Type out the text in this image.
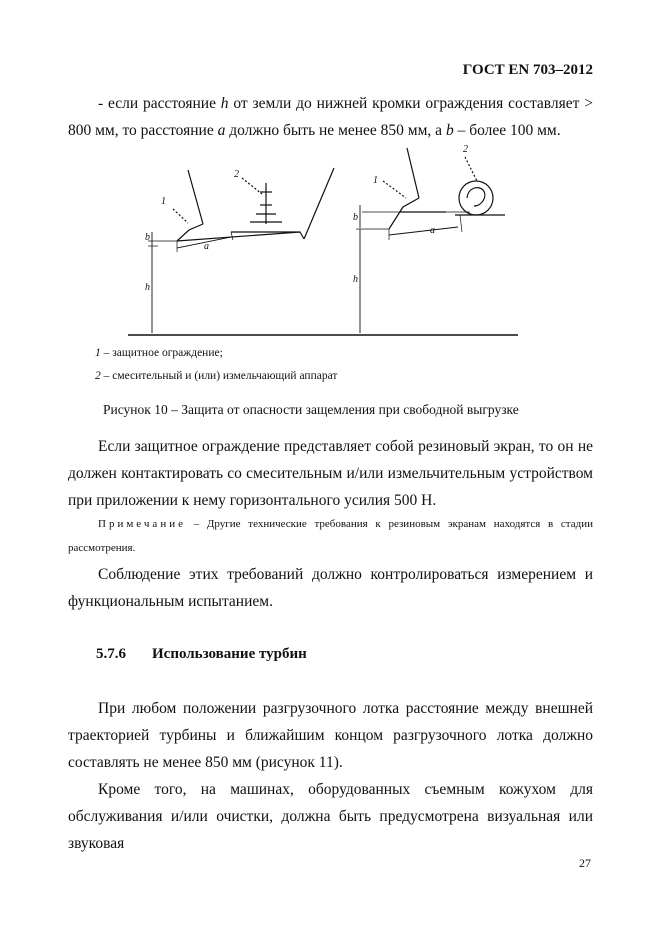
ГОСТ EN 703–2012

- если расстояние h от земли до нижней кромки ограждения составляет > 800 мм, то расстояние a должно быть не менее 850 мм, а b – более 100 мм.

1
2
b
a
h
1
2
b
a
h
1 – защитное ограждение;
2 – смесительный и (или) измельчающий аппарат
Рисунок 10 – Защита от опасности защемления при свободной выгрузке

Если защитное ограждение представляет собой резиновый экран, то он не должен контактировать со смесительным и/или измельчительным устройством при приложении к нему горизонтального усилия 500 Н.

Примечание – Другие технические требования к резиновым экранам находятся в стадии рассмотрения.

Соблюдение этих требований должно контролироваться измерением и функциональным испытанием.

5.7.6 Использование турбин

При любом положении разгрузочного лотка расстояние между внешней траекторией турбины и ближайшим концом разгрузочного лотка должно составлять не менее 850 мм (рисунок 11).

Кроме того, на машинах, оборудованных съемным кожухом для обслуживания и/или очистки, должна быть предусмотрена визуальная или звуковая

27
